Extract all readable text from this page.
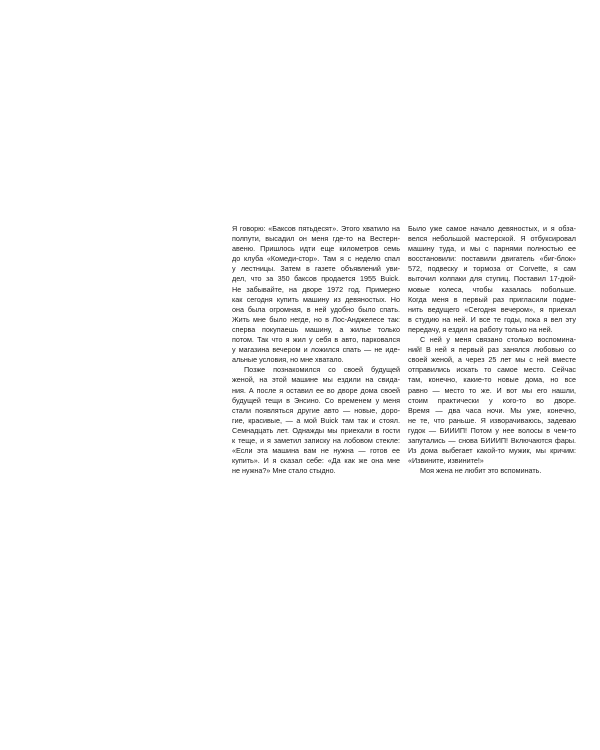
Я говорю: «Баксов пятьдесят». Этого хватило на
полпути, высадил он меня где-то на Вестерн-
авеню. Пришлось идти еще километров семь
до клуба «Комеди-стор». Там я с неделю спал
у лестницы. Затем в газете объявлений уви-
дел, что за 350 баксов продается 1955 Buick.
Не забывайте, на дворе 1972 год. Примерно
как сегодня купить машину из девяностых. Но
она была огромная, в ней удобно было спать.
Жить мне было негде, но в Лос-Анджелесе так:
сперва покупаешь машину, а жилье только
потом. Так что я жил у себя в авто, парковался
у магазина вечером и ложился спать — не иде-
альные условия, но мне хватало.
Позже познакомился со своей будущей
женой, на этой машине мы ездили на свида-
ния. А после я оставил ее во дворе дома своей
будущей тещи в Энсино. Со временем у меня
стали появляться другие авто — новые, доро-
гие, красивые, — а мой Buick там так и стоял.
Семнадцать лет. Однажды мы приехали в гости
к теще, и я заметил записку на лобовом стекле:
«Если эта машина вам не нужна — готов ее
купить». И я сказал себе: «Да как же она мне
не нужна?» Мне стало стыдно.
Было уже самое начало девяностых, и я обза-
велся небольшой мастерской. Я отбуксировал
машину туда, и мы с парнями полностью ее
восстановили: поставили двигатель «биг-блок»
572, подвеску и тормоза от Corvette, я сам
выточил колпаки для ступиц. Поставил 17-дюй-
мовые колеса, чтобы казалась побольше.
Когда меня в первый раз пригласили подме-
нить ведущего «Сегодня вечером», я приехал
в студию на ней. И все те годы, пока я вел эту
передачу, я ездил на работу только на ней.
С ней у меня связано столько воспомина-
ний! В ней я первый раз занялся любовью со
своей женой, а через 25 лет мы с ней вместе
отправились искать то самое место. Сейчас
там, конечно, какие-то новые дома, но все
равно — место то же. И вот мы его нашли,
стоим практически у кого-то во дворе.
Время — два часа ночи. Мы уже, конечно,
не те, что раньше. Я изворачиваюсь, задеваю
гудок — БИИИП! Потом у нее волосы в чем-то
запутались — снова БИИИП! Включаются фары.
Из дома выбегает какой-то мужик, мы кричим:
«Извините, извините!»
Моя жена не любит это вспоминать.
